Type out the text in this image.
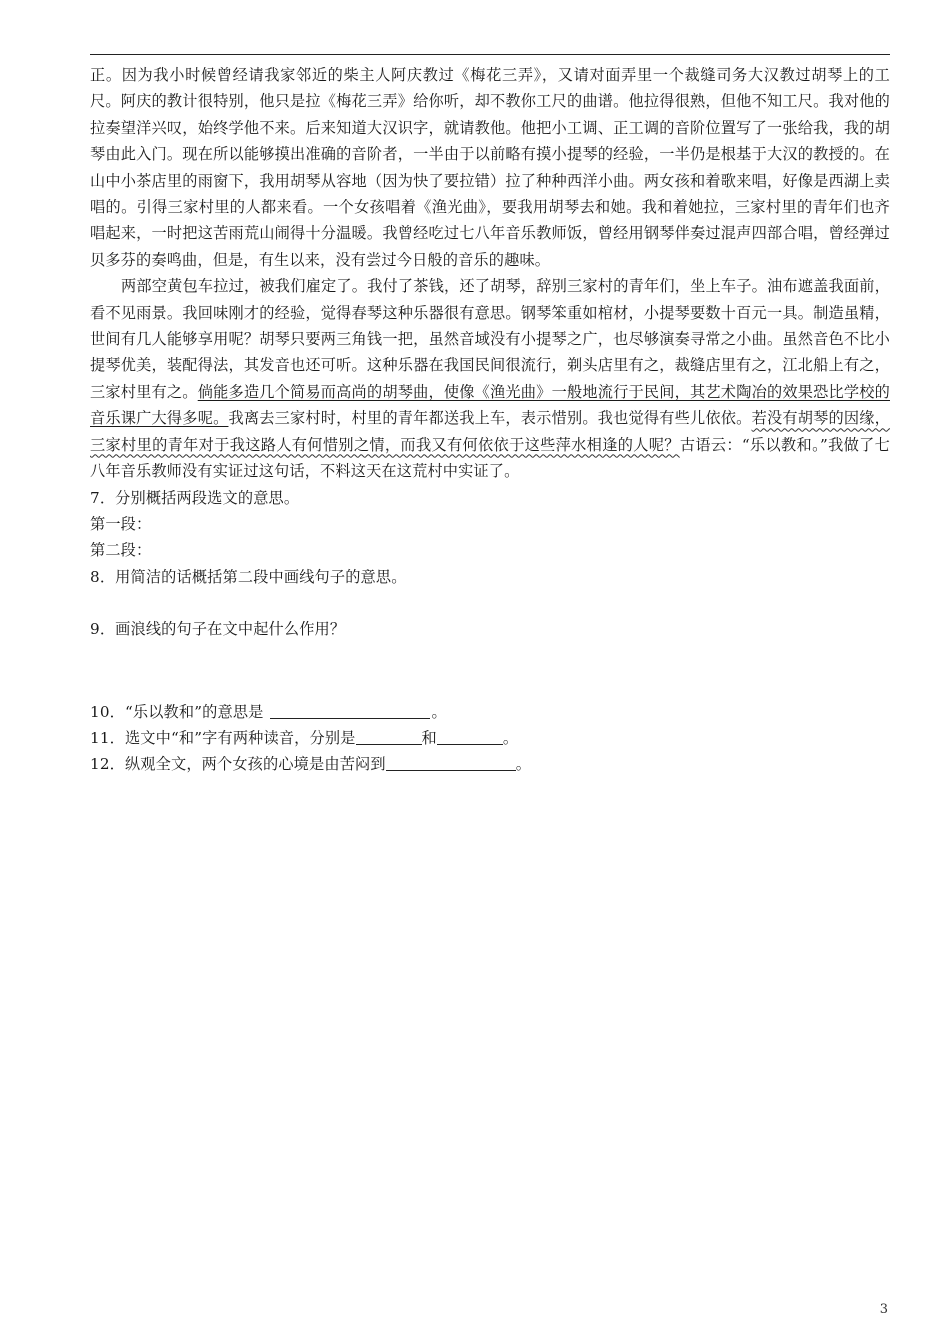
正。因为我小时候曾经请我家邻近的柴主人阿庆教过《梅花三弄》，又请对面弄里一个裁缝司务大汉教过胡琴上的工尺。阿庆的教计很特别，他只是拉《梅花三弄》给你听，却不教你工尺的曲谱。他拉得很熟，但他不知工尺。我对他的拉奏望洋兴叹，始终学他不来。后来知道大汉识字，就请教他。他把小工调、正工调的音阶位置写了一张给我，我的胡琴由此入门。现在所以能够摸出准确的音阶者，一半由于以前略有摸小提琴的经验，一半仍是根基于大汉的教授的。在山中小茶店里的雨窗下，我用胡琴从容地（因为快了要拉错）拉了种种西洋小曲。两女孩和着歌来唱，好像是西湖上卖唱的。引得三家村里的人都来看。一个女孩唱着《渔光曲》，要我用胡琴去和她。我和着她拉，三家村里的青年们也齐唱起来，一时把这苦雨荒山闹得十分温暖。我曾经吃过七八年音乐教师饭，曾经用钢琴伴奏过混声四部合唱，曾经弹过贝多芬的奏鸣曲，但是，有生以来，没有尝过今日般的音乐的趣味。

两部空黄包车拉过，被我们雇定了。我付了茶钱，还了胡琴，辞别三家村的青年们，坐上车子。油布遮盖我面前，看不见雨景。我回味刚才的经验，觉得春琴这种乐器很有意思。钢琴笨重如棺材，小提琴要数十百元一具。制造虽精，世间有几人能够享用呢？胡琴只要两三角钱一把，虽然音域没有小提琴之广，也尽够演奏寻常之小曲。虽然音色不比小提琴优美，装配得法，其发音也还可听。这种乐器在我国民间很流行，剃头店里有之，裁缝店里有之，江北船上有之，三家村里有之。倘能多造几个简易而高尚的胡琴曲，使像《渔光曲》一般地流行于民间，其艺术陶冶的效果恐比学校的音乐课广大得多呢。我离去三家村时，村里的青年都送我上车，表示惜别。我也觉得有些儿依依。若没有胡琴的因缘，三家村里的青年对于我这路人有何惜别之情，而我又有何依依于这些萍水相逢的人呢？古语云：“乐以教和。”我做了七八年音乐教师没有实证过这句话，不料这天在这荒村中实证了。

7．分别概括两段选文的意思。

第一段：

第二段：

8．用简洁的话概括第二段中画线句子的意思。

9．画浪线的句子在文中起什么作用？

10．“乐以教和”的意思是	。

11．选文中“和”字有两种读音，分别是	和	。

12．纵观全文，两个女孩的心境是由苦闷到	。

3
